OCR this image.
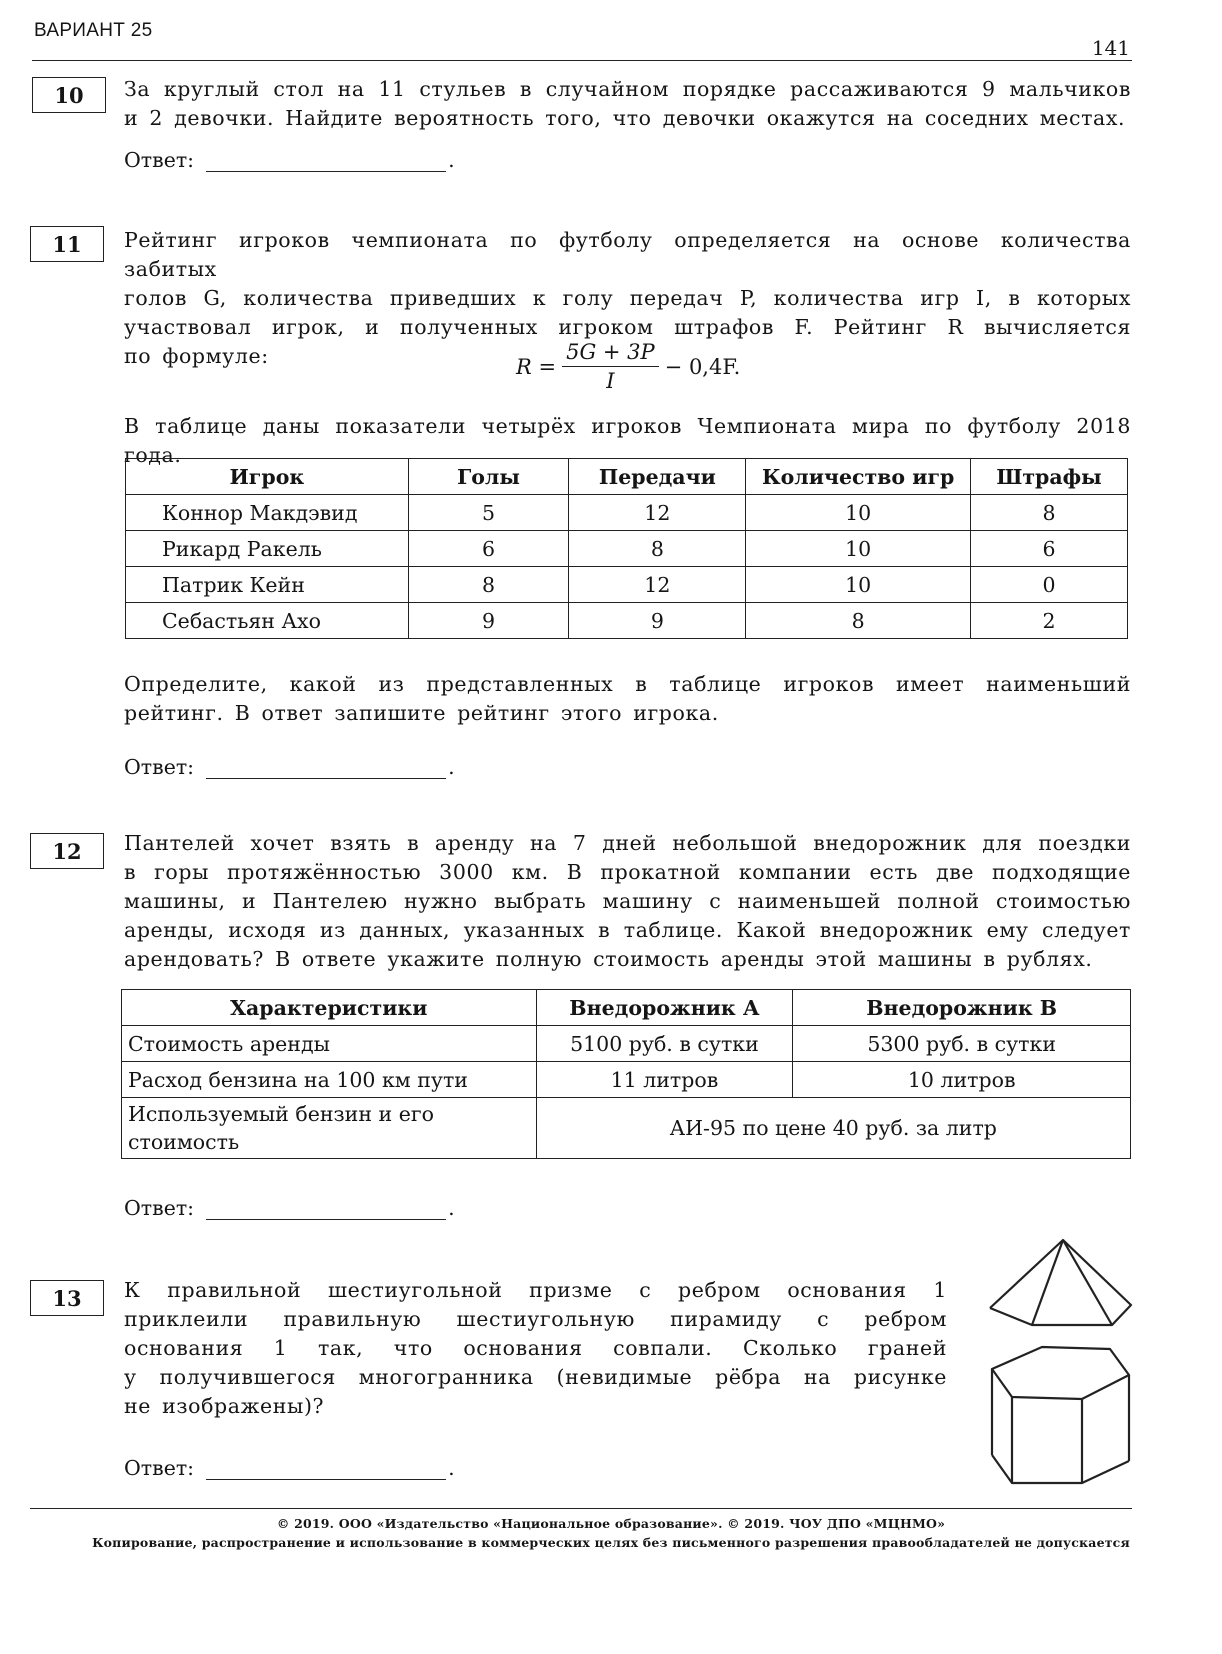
ВАРИАНТ 25
141
10	За круглый стол на 11 стульев в случайном порядке рассаживаются 9 мальчиков
и 2 девочки. Найдите вероятность того, что девочки окажутся на соседних местах.
Ответ:	.
11	Рейтинг игроков чемпионата по футболу определяется на основе количества забитых
голов G, количества приведших к голу передач P, количества игр I, в которых
участвовал игрок, и полученных игроком штрафов F. Рейтинг R вычисляется
по формуле:	$R = \frac{5G + 3P}{I} - 0,4F$.
В таблице даны показатели четырёх игроков Чемпионата мира по футболу 2018 года.
Игрок	Голы	Передачи	Количество игр	Штрафы
Коннор Макдэвид	5	12	10	8
Рикард Ракель	6	8	10	6
Патрик Кейн	8	12	10	0
Себастьян Ахо	9	9	8	2
Определите, какой из представленных в таблице игроков имеет наименьший
рейтинг. В ответ запишите рейтинг этого игрока.
Ответ:	.
12	Пантелей хочет взять в аренду на 7 дней небольшой внедорожник для поездки
в горы протяжённостью 3000 км. В прокатной компании есть две подходящие
машины, и Пантелею нужно выбрать машину с наименьшей полной стоимостью
аренды, исходя из данных, указанных в таблице. Какой внедорожник ему следует
арендовать? В ответе укажите полную стоимость аренды этой машины в рублях.
Характеристики	Внедорожник А	Внедорожник В
Стоимость аренды	5100 руб. в сутки	5300 руб. в сутки
Расход бензина на 100 км пути	11 литров	10 литров
Используемый бензин и его
стоимость	АИ-95 по цене 40 руб. за литр	
Ответ:	.
13	К правильной шестиугольной призме с ребром основания 1
приклеили правильную шестиугольную пирамиду с ребром
основания 1 так, что основания совпали. Сколько граней
у получившегося многогранника (невидимые рёбра на рисунке
не изображены)?
Ответ:	.
© 2019. ООО «Издательство «Национальное образование». © 2019. ЧОУ ДПО «МЦНМО»
Копирование, распространение и использование в коммерческих целях без письменного разрешения правообладателей не допускается
